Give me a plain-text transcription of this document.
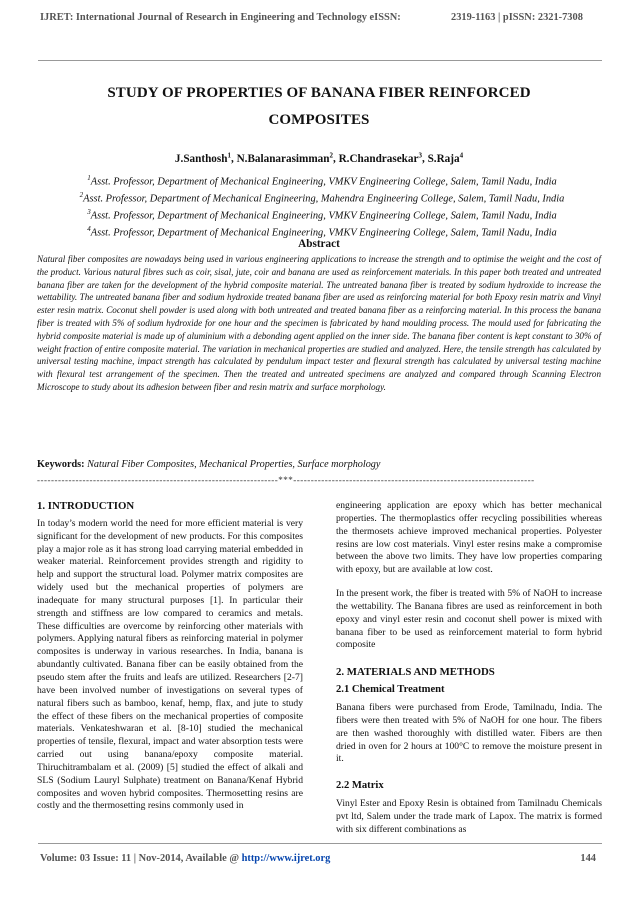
IJRET: International Journal of Research in Engineering and Technology eISSN:	2319-1163 | pISSN: 2321-7308
STUDY OF PROPERTIES OF BANANA FIBER REINFORCED
COMPOSITES
J.Santhosh$^1$, N.Balanarasimman$^2$, R.Chandrasekar$^3$, S.Raja$^4$
$^1$Asst. Professor, Department of Mechanical Engineering, VMKV Engineering College, Salem, Tamil Nadu, India
$^2$Asst. Professor, Department of Mechanical Engineering, Mahendra Engineering College, Salem, Tamil Nadu, India
$^3$Asst. Professor, Department of Mechanical Engineering, VMKV Engineering College, Salem, Tamil Nadu, India
$^4$Asst. Professor, Department of Mechanical Engineering, VMKV Engineering College, Salem, Tamil Nadu, India
Abstract
Natural fiber composites are nowadays being used in various engineering applications to increase the strength and to optimise the weight and the cost of the product. Various natural fibres such as coir, sisal, jute, coir and banana are used as reinforcement materials. In this paper both treated and untreated banana fiber are taken for the development of the hybrid composite material. The untreated banana fiber is treated by sodium hydroxide to increase the wettability. The untreated banana fiber and sodium hydroxide treated banana fiber are used as reinforcing material for both Epoxy resin matrix and Vinyl ester resin matrix. Coconut shell powder is used along with both untreated and treated banana fiber as a reinforcing material. In this process the banana fiber is treated with 5% of sodium hydroxide for one hour and the specimen is fabricated by hand moulding process. The mould used for fabricating the hybrid composite material is made up of aluminium with a debonding agent applied on the inner side. The banana fiber content is kept constant to 30% of weight fraction of entire composite material. The variation in mechanical properties are studied and analyzed. Here, the tensile strength has calculated by universal testing machine, impact strength has calculated by pendulum impact tester and flexural strength has calculated by universal testing machine with flexural test arrangement of the specimen. Then the treated and untreated specimens are analyzed and compared through Scanning Electron Microscope to study about its adhesion between fiber and resin matrix and surface morphology.
Keywords: Natural Fiber Composites, Mechanical Properties, Surface morphology
---------------------------------------------------------------------***---------------------------------------------------------------------
1. INTRODUCTION

In today’s modern world the need for more efficient material is very significant for the development of new products. For this composites play a major role as it has strong load carrying material embedded in weaker material. Reinforcement provides strength and rigidity to help and support the structural load. Polymer matrix composites are widely used but the mechanical properties of polymers are inadequate for many structural purposes [1]. In particular their strength and stiffness are low compared to ceramics and metals. These difficulties are overcome by reinforcing other materials with polymers. Applying natural fibers as reinforcing material in polymer composites is underway in various researches. In India, banana is abundantly cultivated. Banana fiber can be easily obtained from the pseudo stem after the fruits and leafs are utilized. Researchers [2-7] have been involved number of investigations on several types of natural fibers such as bamboo, kenaf, hemp, flax, and jute to study the effect of these fibers on the mechanical properties of composite materials. Venkateshwaran et al. [8-10] studied the mechanical properties of tensile, flexural, impact and water absorption tests were carried out using banana/epoxy composite material. Thiruchitrambalam et al. (2009) [5] studied the effect of alkali and SLS (Sodium Lauryl Sulphate) treatment on Banana/Kenaf Hybrid composites and woven hybrid composites. Thermosetting resins are costly and the thermosetting resins commonly used in

engineering application are epoxy which has better mechanical properties. The thermoplastics offer recycling possibilities whereas the thermosets achieve improved mechanical properties. Polyester resins are low cost materials. Vinyl ester resins make a compromise between the above two limits. They have low properties comparing with epoxy, but are available at low cost.

In the present work, the fiber is treated with 5% of NaOH to increase the wettability. The Banana fibres are used as reinforcement in both epoxy and vinyl ester resin and coconut shell power is mixed with banana fiber to be used as reinforcement material to form hybrid composite

2. MATERIALS AND METHODS
2.1 Chemical Treatment

Banana fibers were purchased from Erode, Tamilnadu, India. The fibers were then treated with 5% of NaOH for one hour. The fibers are then washed thoroughly with distilled water. Fibers are then dried in oven for 2 hours at 100°C to remove the moisture present in it.

2.2 Matrix

Vinyl Ester and Epoxy Resin is obtained from Tamilnadu Chemicals pvt ltd, Salem under the trade mark of Lapox. The matrix is formed with six different combinations as

Volume: 03 Issue: 11 | Nov-2014, Available @ http://www.ijret.org	144
